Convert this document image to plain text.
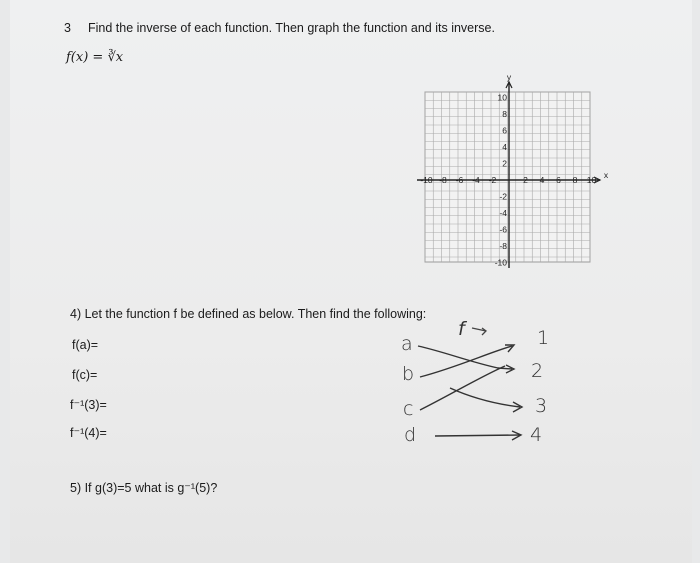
3 Find the inverse of each function. Then graph the function and its inverse.
f(x) = ∛x
-10 -8 -6 -4 -2	2 4 6 8 10
10
8
6
4
2
-2
-4
-6
-8
-10
x
y
4) Let the function f be defined as below. Then find the following:
f(a)=
f(c)=
f⁻¹(3)=
f⁻¹(4)=
f
a
b
c
d
1
2
3
4
5) If g(3)=5 what is g⁻¹(5)?
